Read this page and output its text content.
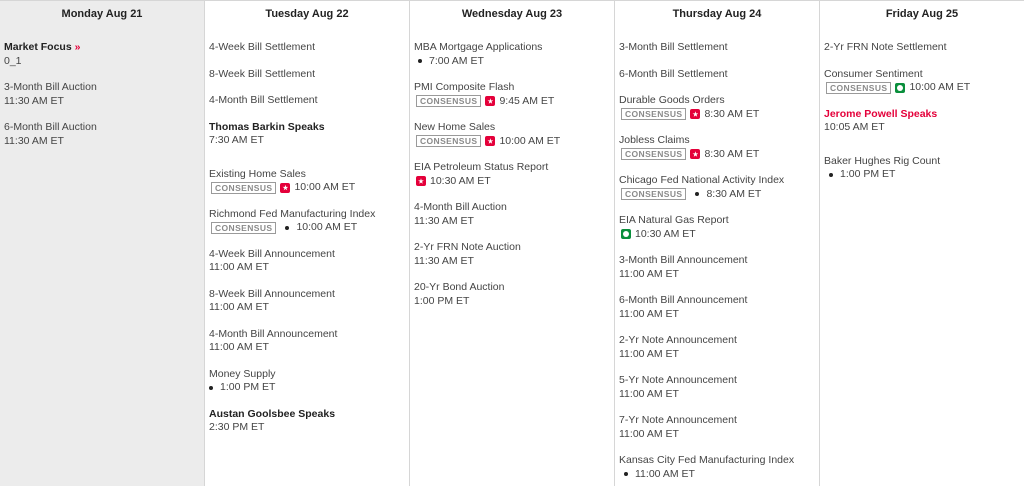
Monday Aug 21
Market Focus »
0_1
3-Month Bill Auction
11:30 AM ET
6-Month Bill Auction
11:30 AM ET
Tuesday Aug 22
4-Week Bill Settlement
8-Week Bill Settlement
4-Month Bill Settlement
Thomas Barkin Speaks
7:30 AM ET
Existing Home Sales
CONSENSUS	10:00 AM ET
Richmond Fed Manufacturing Index
CONSENSUS	10:00 AM ET
4-Week Bill Announcement
11:00 AM ET
8-Week Bill Announcement
11:00 AM ET
4-Month Bill Announcement
11:00 AM ET
Money Supply
1:00 PM ET
Austan Goolsbee Speaks
2:30 PM ET
Wednesday Aug 23
MBA Mortgage Applications
7:00 AM ET
PMI Composite Flash
CONSENSUS	9:45 AM ET
New Home Sales
CONSENSUS	10:00 AM ET
EIA Petroleum Status Report
10:30 AM ET
4-Month Bill Auction
11:30 AM ET
2-Yr FRN Note Auction
11:30 AM ET
20-Yr Bond Auction
1:00 PM ET
Thursday Aug 24
3-Month Bill Settlement
6-Month Bill Settlement
Durable Goods Orders
CONSENSUS	8:30 AM ET
Jobless Claims
CONSENSUS	8:30 AM ET
Chicago Fed National Activity Index
CONSENSUS	8:30 AM ET
EIA Natural Gas Report
10:30 AM ET
3-Month Bill Announcement
11:00 AM ET
6-Month Bill Announcement
11:00 AM ET
2-Yr Note Announcement
11:00 AM ET
5-Yr Note Announcement
11:00 AM ET
7-Yr Note Announcement
11:00 AM ET
Kansas City Fed Manufacturing Index
11:00 AM ET
Friday Aug 25
2-Yr FRN Note Settlement
Consumer Sentiment
CONSENSUS	10:00 AM ET
Jerome Powell Speaks
10:05 AM ET
Baker Hughes Rig Count
1:00 PM ET
